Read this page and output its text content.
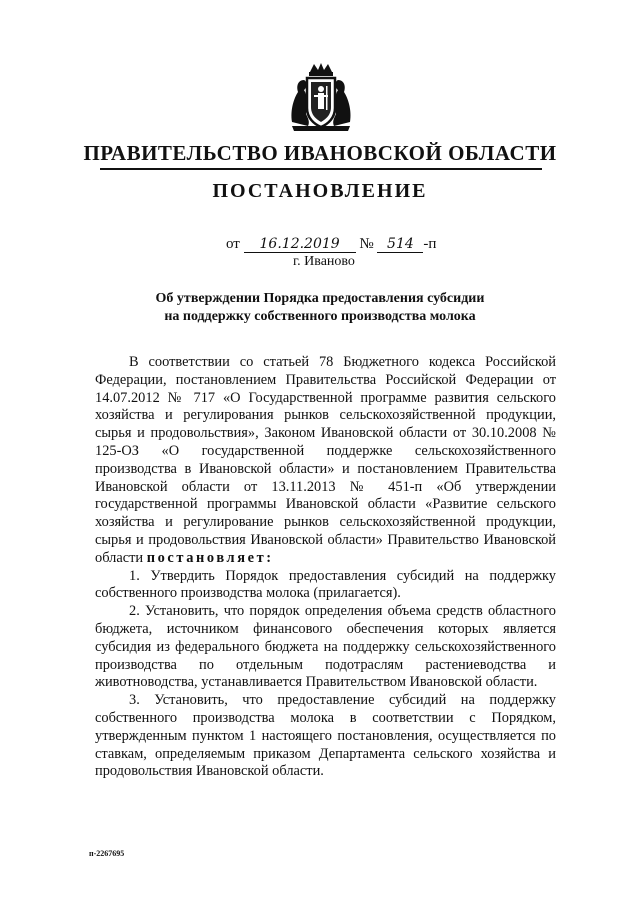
ПРАВИТЕЛЬСТВО ИВАНОВСКОЙ ОБЛАСТИ
ПОСТАНОВЛЕНИЕ
от 16.12.2019 № 514 -п
г. Иваново
Об утверждении Порядка предоставления субсидии
на поддержку собственного производства молока

В соответствии со статьей 78 Бюджетного кодекса Российской Федерации, постановлением Правительства Российской Федерации от 14.07.2012 № 717 «О Государственной программе развития сельского хозяйства и регулирования рынков сельскохозяйственной продукции, сырья и продовольствия», Законом Ивановской области от 30.10.2008 № 125-ОЗ «О государственной поддержке сельскохозяйственного производства в Ивановской области» и постановлением Правительства Ивановской области от 13.11.2013 № 451-п «Об утверждении государственной программы Ивановской области «Развитие сельского хозяйства и регулирование рынков сельскохозяйственной продукции, сырья и продовольствия Ивановской области» Правительство Ивановской области постановляет:

1. Утвердить Порядок предоставления субсидий на поддержку собственного производства молока (прилагается).

2. Установить, что порядок определения объема средств областного бюджета, источником финансового обеспечения которых является субсидия из федерального бюджета на поддержку сельскохозяйственного производства по отдельным подотраслям растениеводства и животноводства, устанавливается Правительством Ивановской области.

3. Установить, что предоставление субсидий на поддержку собственного производства молока в соответствии с Порядком, утвержденным пунктом 1 настоящего постановления, осуществляется по ставкам, определяемым приказом Департамента сельского хозяйства и продовольствия Ивановской области.

п-2267695
